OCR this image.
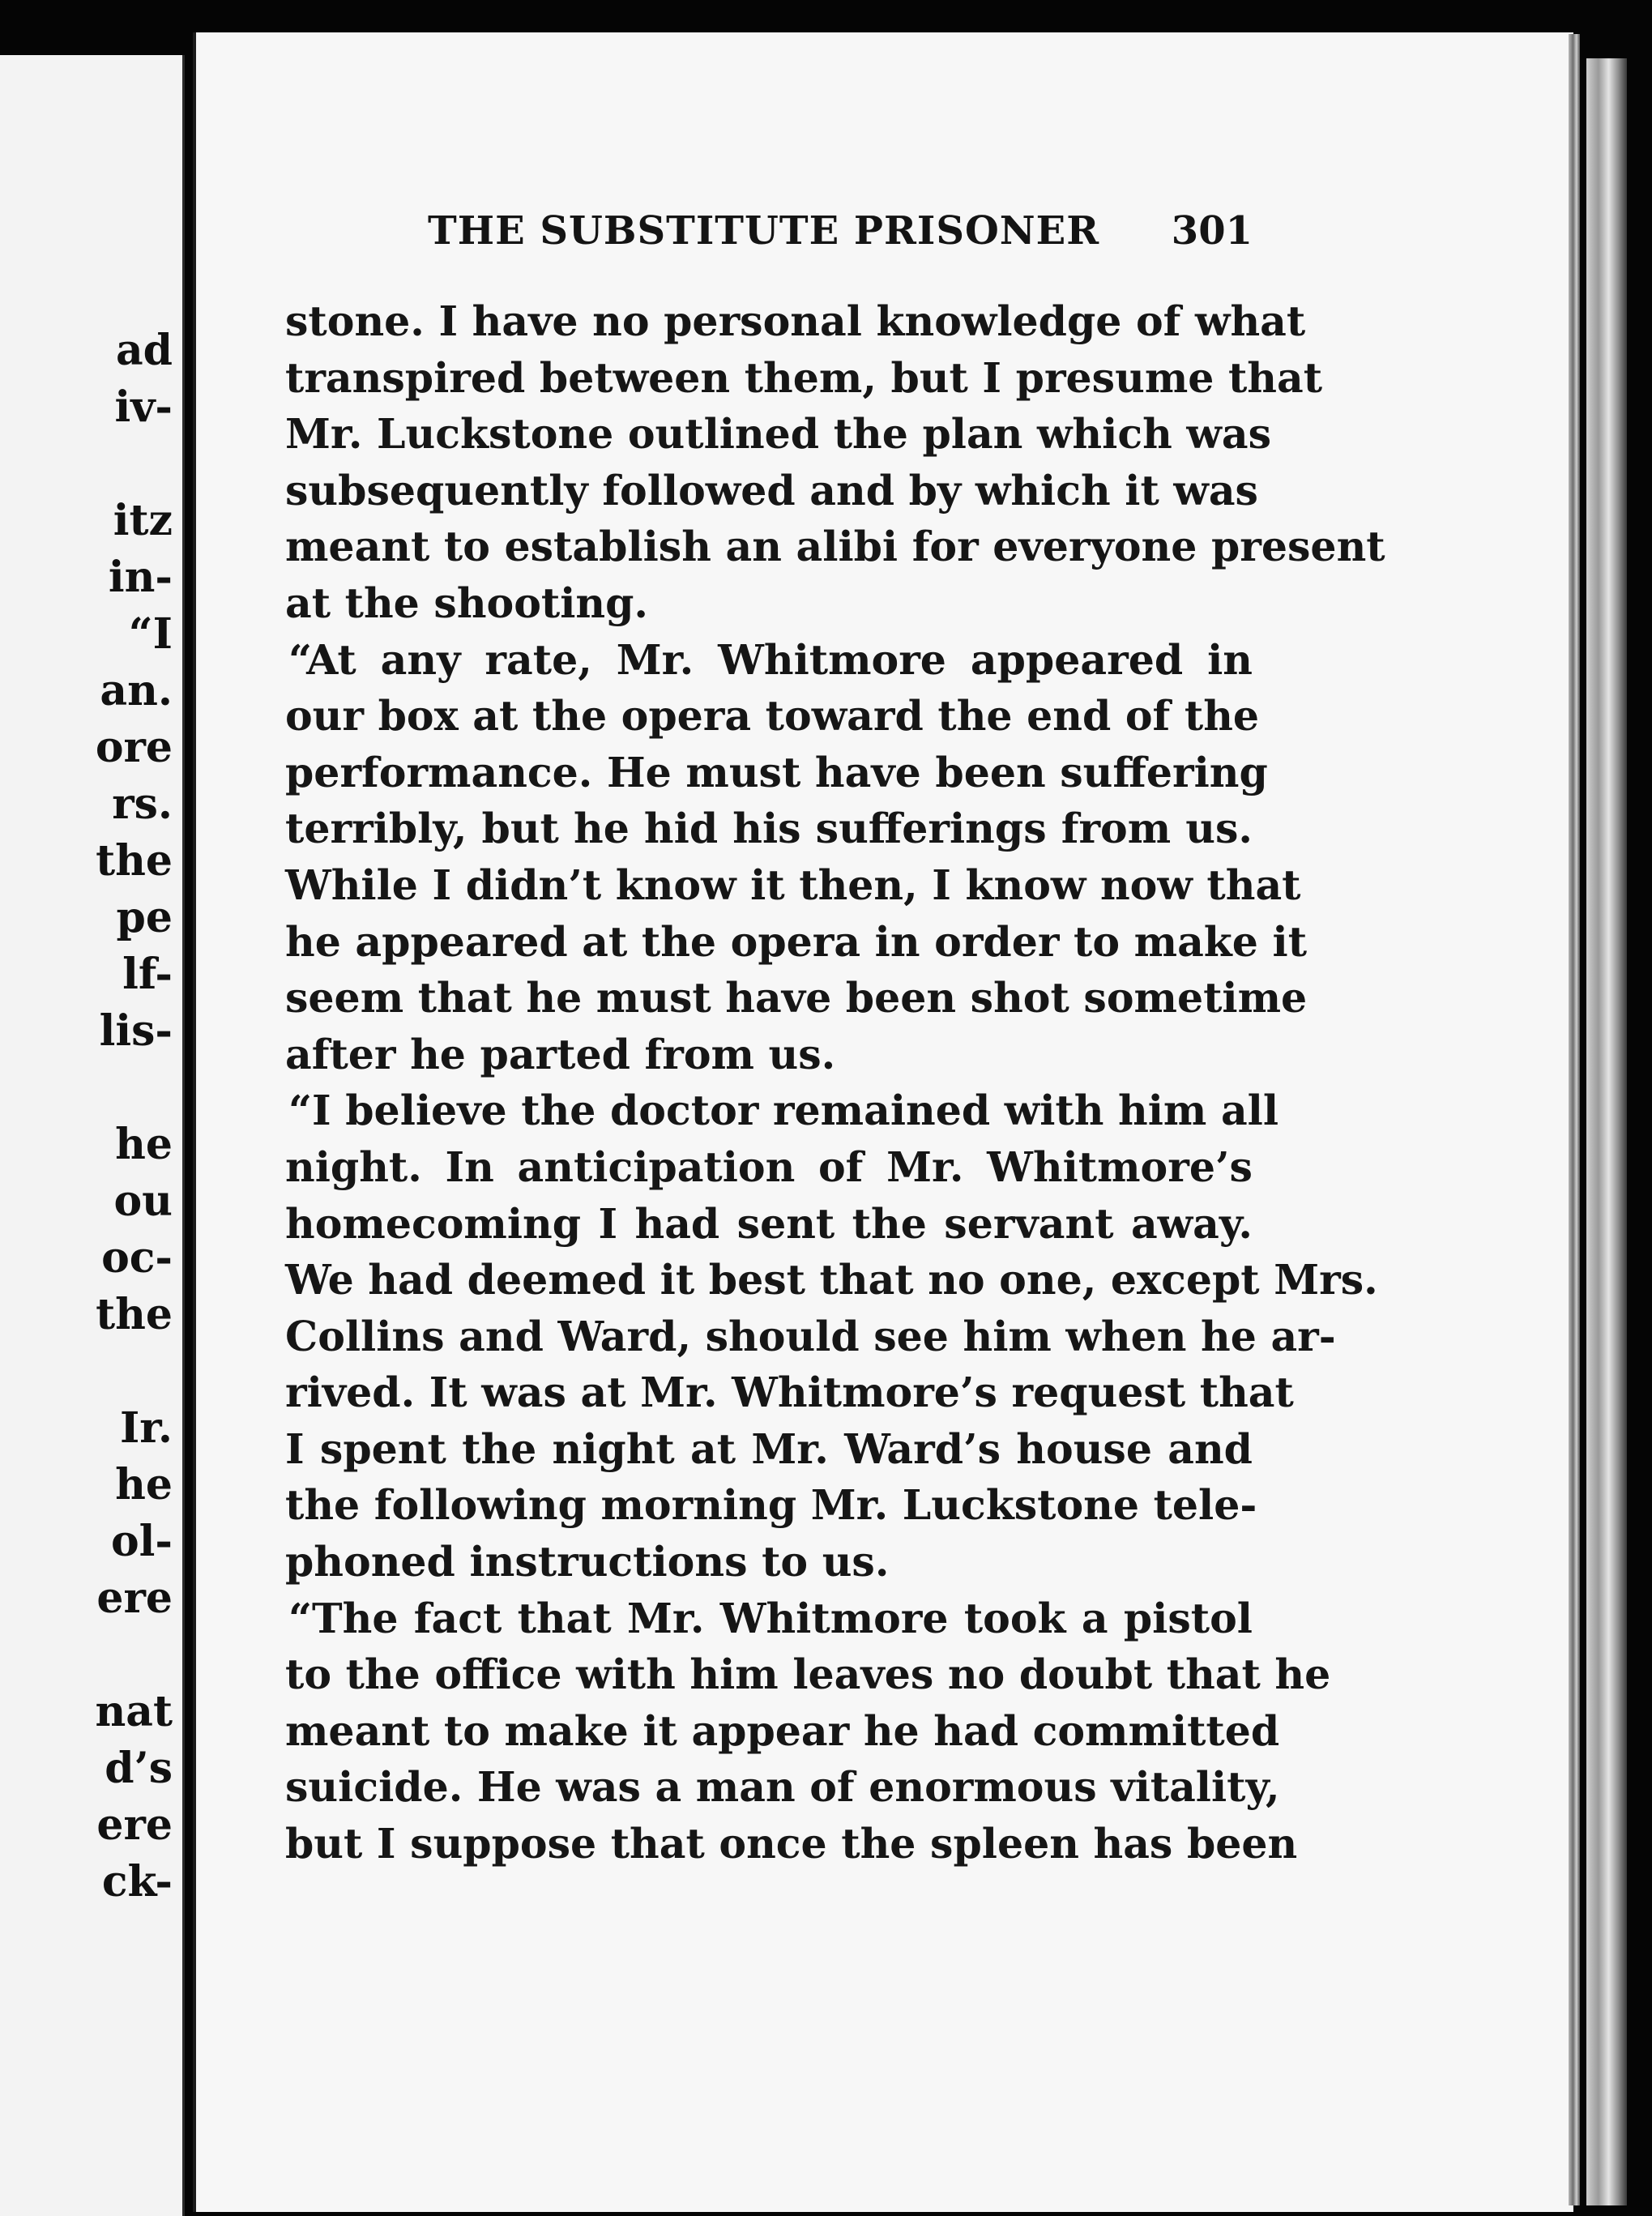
ad

iv-

itz

in-

“I

an.

ore

rs.

the

pe

lf-

lis-

he

ou

oc-

the

Ir.

he

ol-

ere

nat

d’s

ere

ck-

THE SUBSTITUTE PRISONER 301
stone. I have no personal knowledge of what
transpired between them, but I presume that
Mr. Luckstone outlined the plan which was
subsequently followed and by which it was
meant to establish an alibi for everyone present
at the shooting.
“At any rate, Mr. Whitmore appeared in
our box at the opera toward the end of the
performance. He must have been suffering
terribly, but he hid his sufferings from us.
While I didn’t know it then, I know now that
he appeared at the opera in order to make it
seem that he must have been shot sometime
after he parted from us.
“I believe the doctor remained with him all
night. In anticipation of Mr. Whitmore’s
homecoming I had sent the servant away.
We had deemed it best that no one, except Mrs.
Collins and Ward, should see him when he ar-
rived. It was at Mr. Whitmore’s request that
I spent the night at Mr. Ward’s house and
the following morning Mr. Luckstone tele-
phoned instructions to us.
“The fact that Mr. Whitmore took a pistol
to the office with him leaves no doubt that he
meant to make it appear he had committed
suicide. He was a man of enormous vitality,
but I suppose that once the spleen has been
